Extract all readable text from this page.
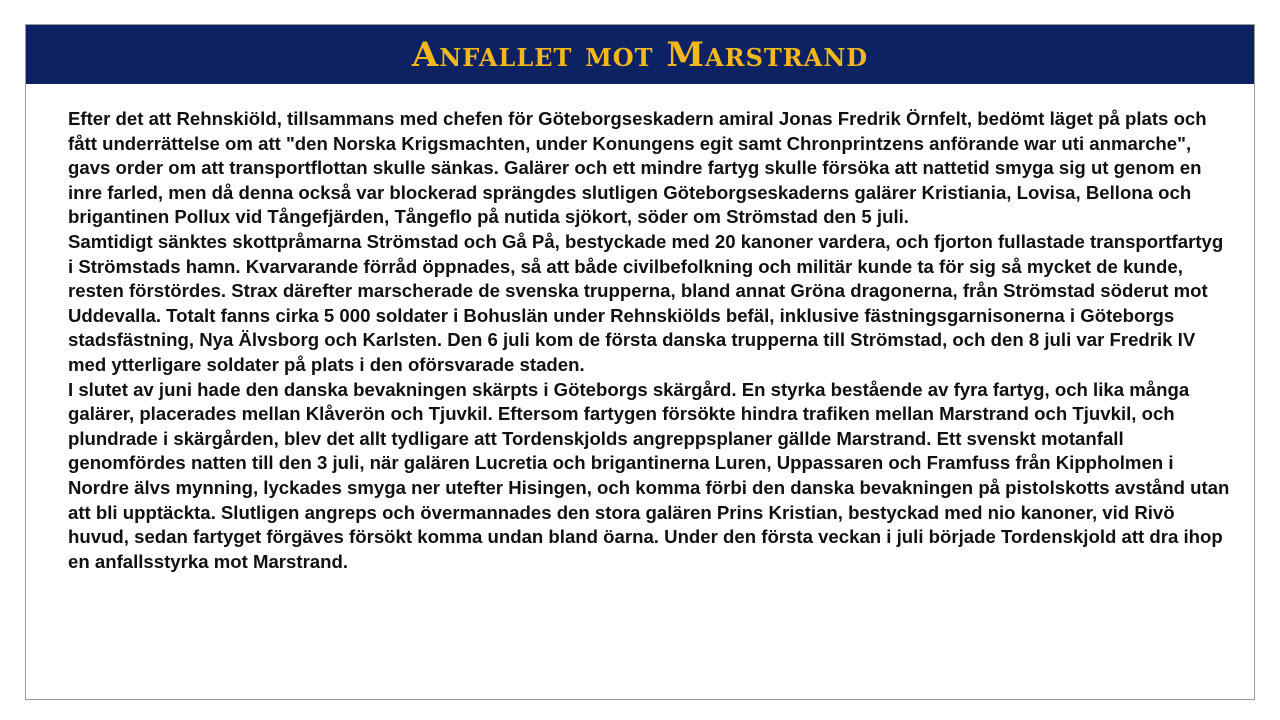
Anfallet mot Marstrand

Efter det att Rehnskiöld, tillsammans med chefen för Göteborgseskadern amiral Jonas Fredrik Örnfelt, bedömt läget på plats och fått underrättelse om att "den Norska Krigsmachten, under Konungens egit samt Chronprintzens anförande war uti anmarche", gavs order om att transportflottan skulle sänkas. Galärer och ett mindre fartyg skulle försöka att nattetid smyga sig ut genom en inre farled, men då denna också var blockerad sprängdes slutligen Göteborgseskaderns galärer Kristiania, Lovisa, Bellona och brigantinen Pollux vid Tångefjärden, Tångeflo på nutida sjökort, söder om Strömstad den 5 juli.

Samtidigt sänktes skottpråmarna Strömstad och Gå På, bestyckade med 20 kanoner vardera, och fjorton fullastade transportfartyg i Strömstads hamn. Kvarvarande förråd öppnades, så att både civilbefolkning och militär kunde ta för sig så mycket de kunde, resten förstördes. Strax därefter marscherade de svenska trupperna, bland annat Gröna dragonerna, från Strömstad söderut mot Uddevalla. Totalt fanns cirka 5 000 soldater i Bohuslän under Rehnskiölds befäl, inklusive fästningsgarnisonerna i Göteborgs stadsfästning, Nya Älvsborg och Karlsten. Den 6 juli kom de första danska trupperna till Strömstad, och den 8 juli var Fredrik IV med ytterligare soldater på plats i den oförsvarade staden.

I slutet av juni hade den danska bevakningen skärpts i Göteborgs skärgård. En styrka bestående av fyra fartyg, och lika många galärer, placerades mellan Klåverön och Tjuvkil. Eftersom fartygen försökte hindra trafiken mellan Marstrand och Tjuvkil, och plundrade i skärgården, blev det allt tydligare att Tordenskjolds angreppsplaner gällde Marstrand. Ett svenskt motanfall genomfördes natten till den 3 juli, när galären Lucretia och brigantinerna Luren, Uppassaren och Framfuss från Kippholmen i Nordre älvs mynning, lyckades smyga ner utefter Hisingen, och komma förbi den danska bevakningen på pistolskotts avstånd utan att bli upptäckta. Slutligen angreps och övermannades den stora galären Prins Kristian, bestyckad med nio kanoner, vid Rivö huvud, sedan fartyget förgäves försökt komma undan bland öarna. Under den första veckan i juli började Tordenskjold att dra ihop en anfallsstyrka mot Marstrand.
